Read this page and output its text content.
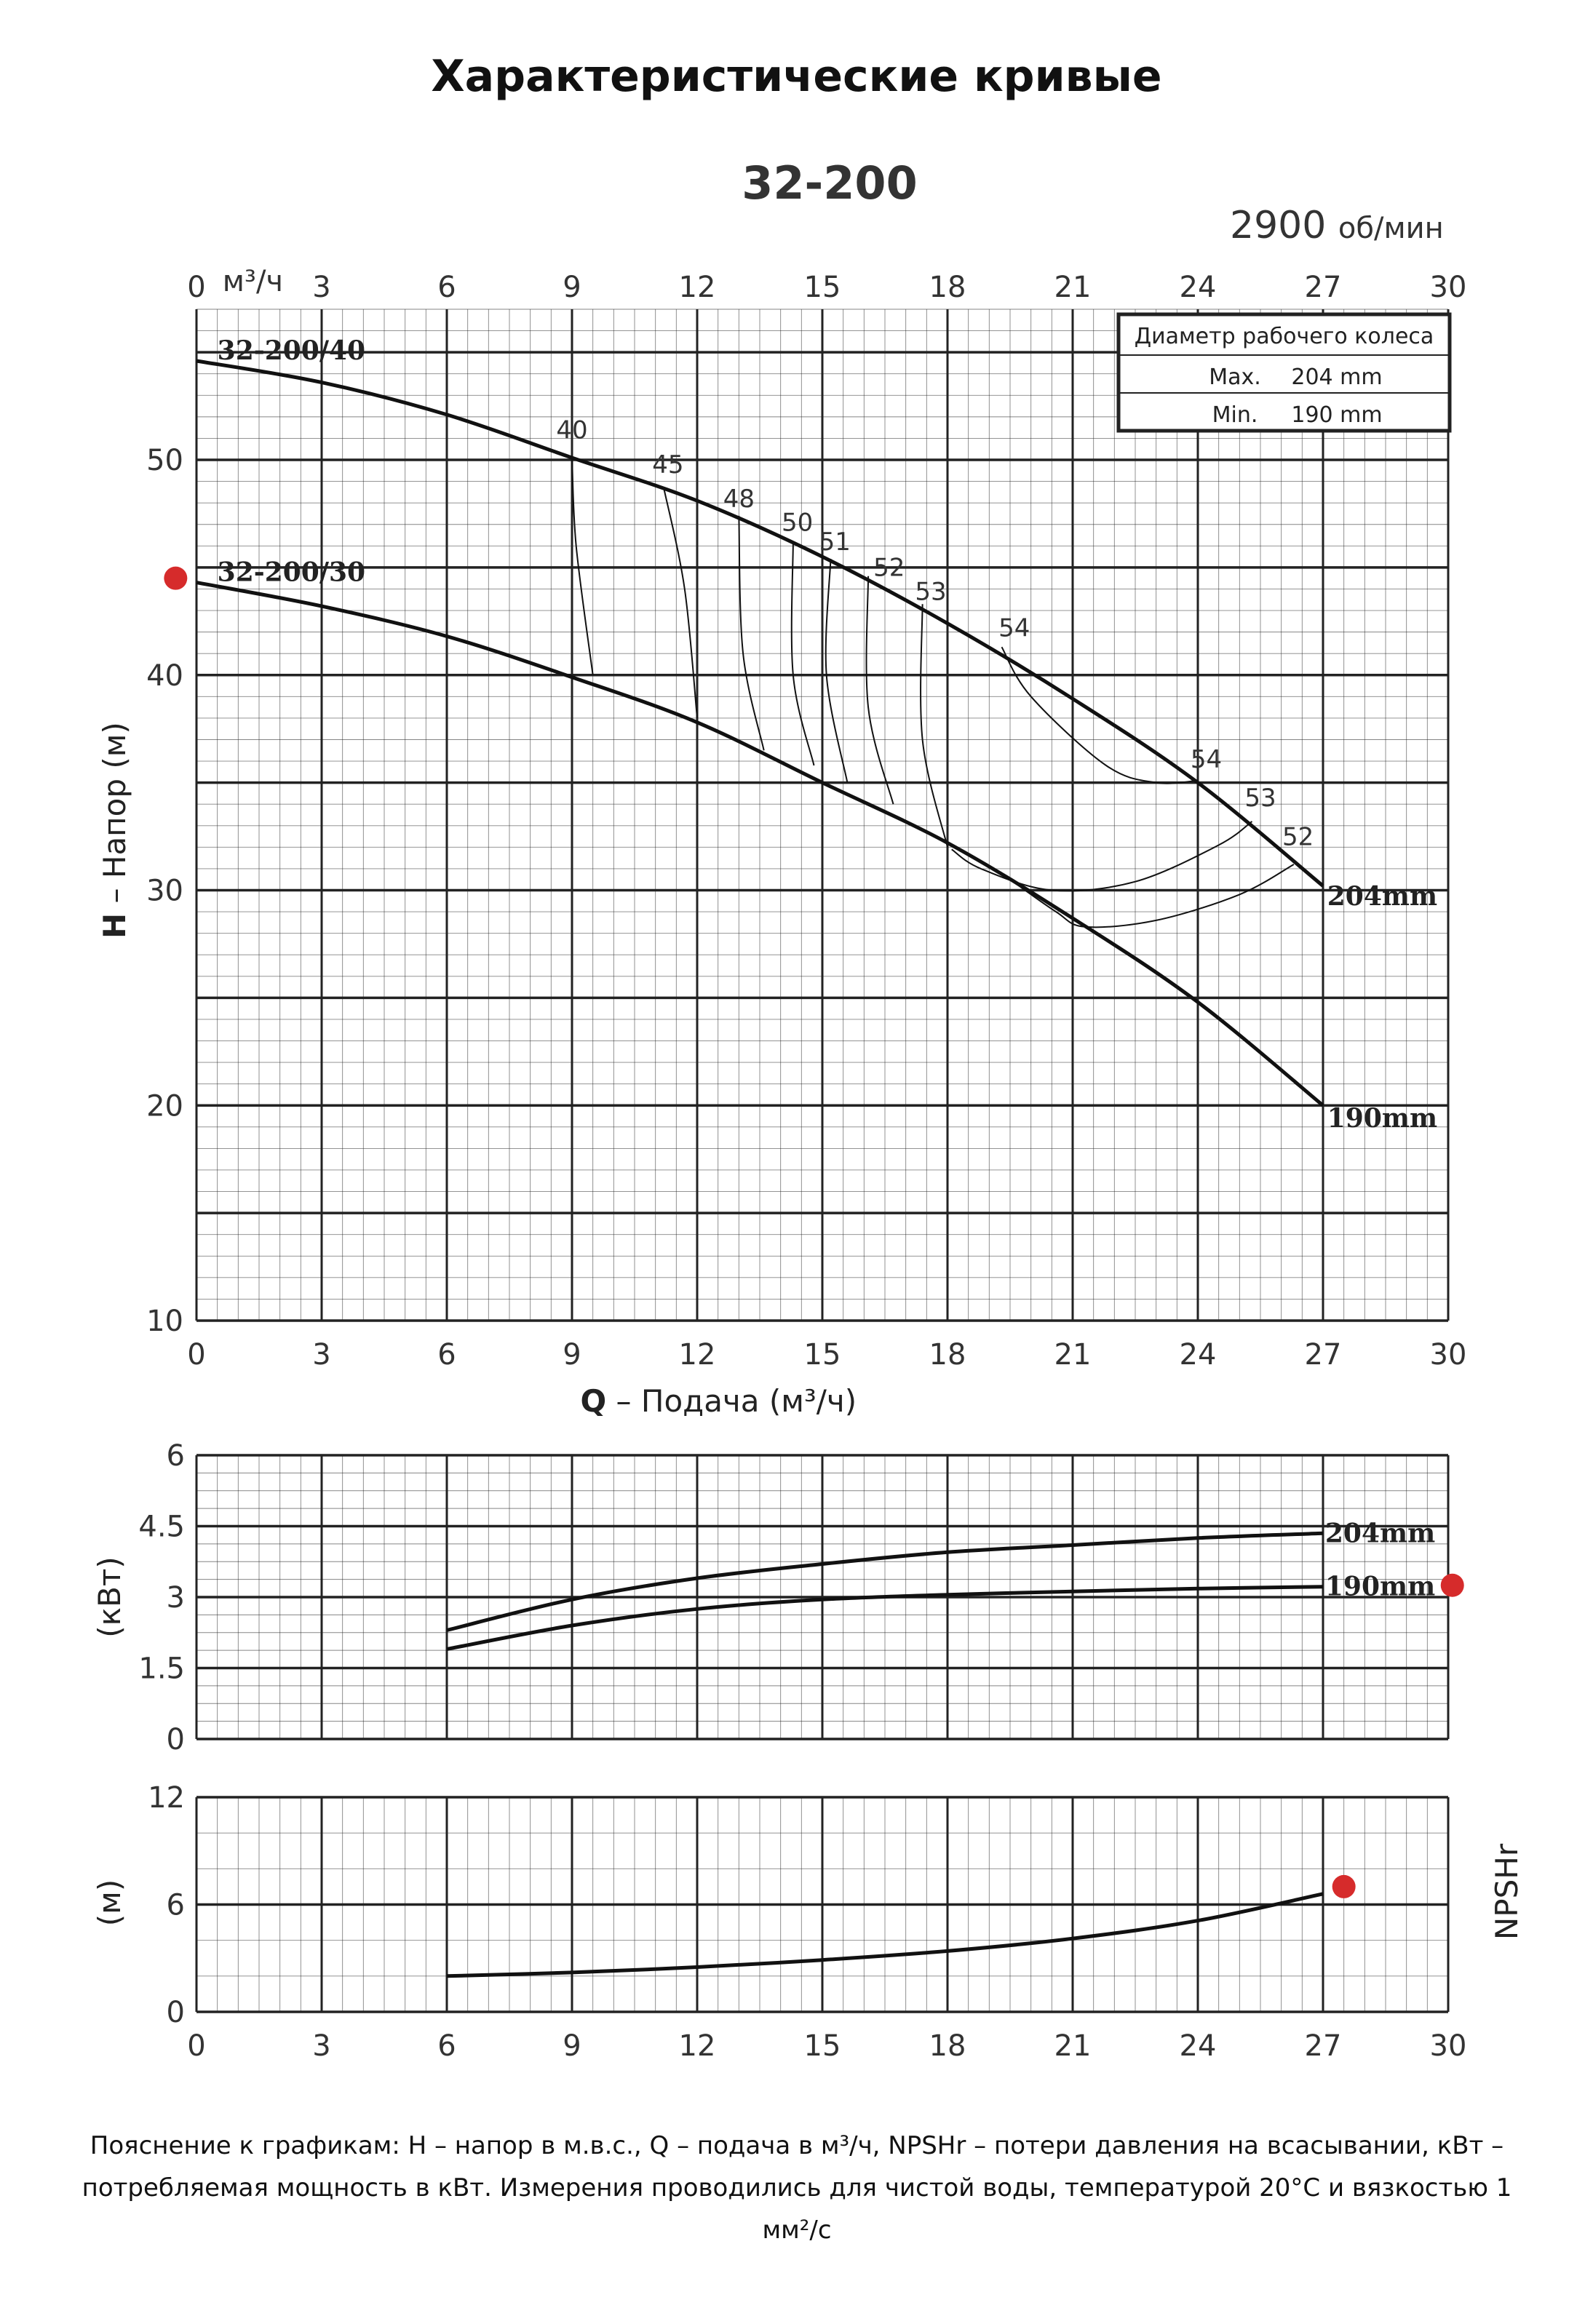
Характеристические кривые
32-200
2900 об/мин
0	3	6	9	12	15	18	21	24	27	30
м³/ч
0	3	6	9	12	15	18	21	24	27	30
10
20
30
40
50
Q – Подача (м³/ч)
H – Напор (м)
32-200/40
32-200/30
40
45
48
50
51
52
53
54
54
53
52
204mm
190mm
Диаметр рабочего колеса
Max. 204 mm
Min. 190 mm
0
1.5
3
4.5
6
(кВт)
204mm
190mm
0
6
12
0	3	6	9	12	15	18	21	24	27	30
(м)	NPSHr
Пояснение к графикам: H – напор в м.в.с., Q – подача в м³/ч, NPSHr – потери давления на всасывании, кВт – потребляемая мощность в кВт. Измерения проводились для чистой воды, температурой 20°C и вязкостью 1 мм²/с
